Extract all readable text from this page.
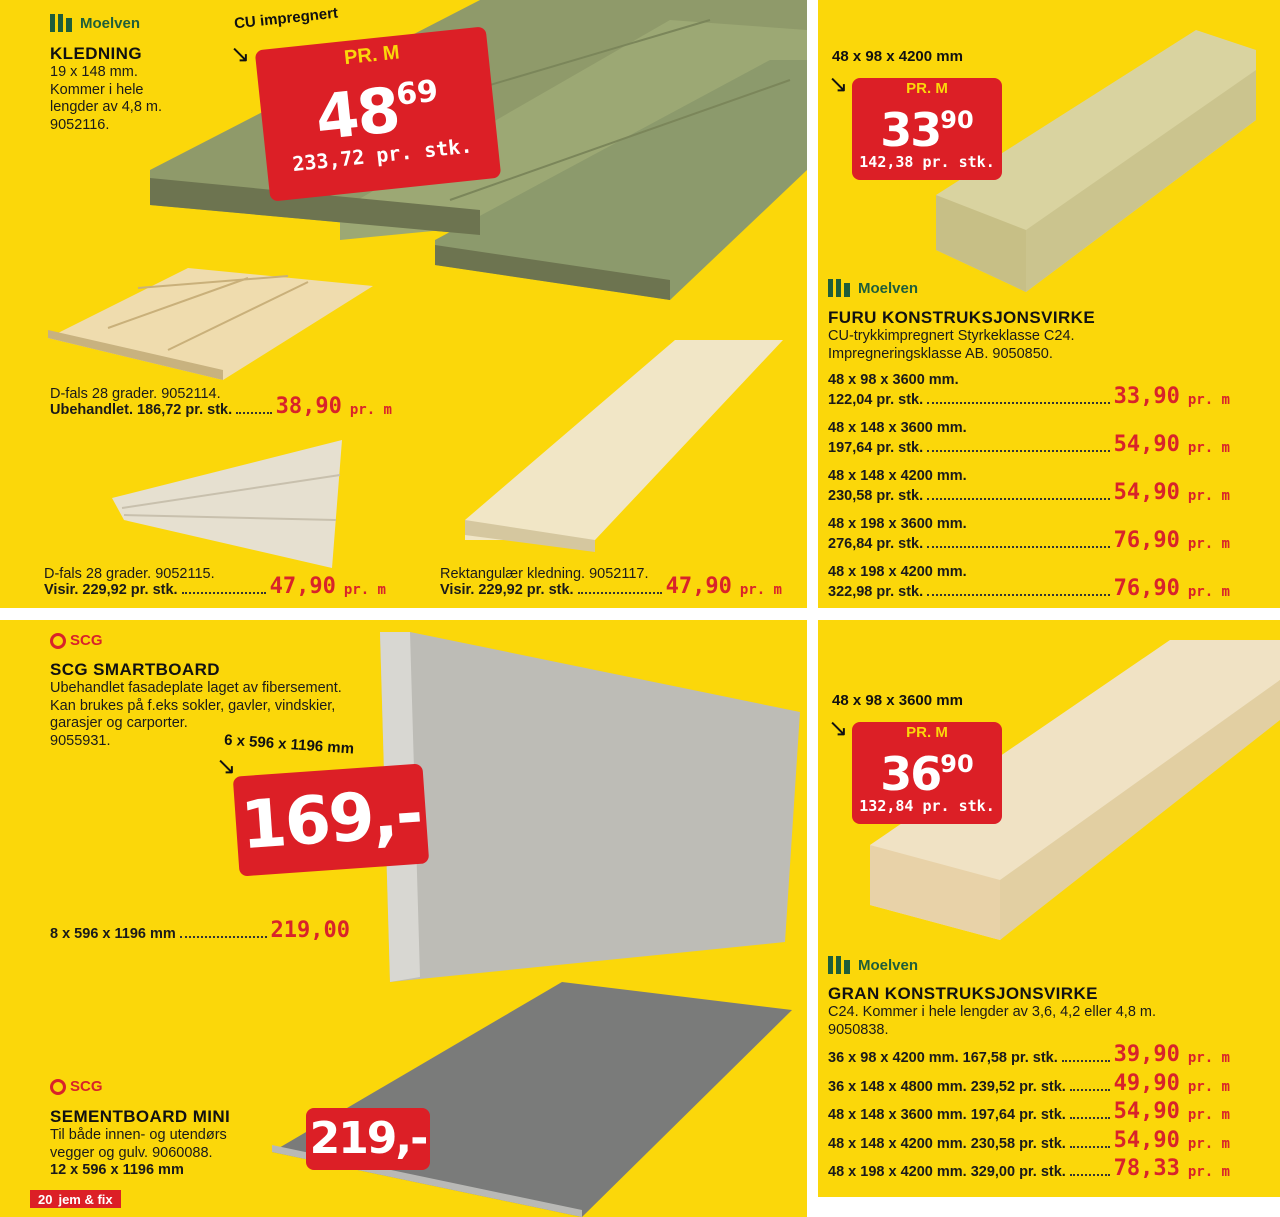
Moelven
KLEDNING
19 x 148 mm.
Kommer i hele
lengder av 4,8 m.
9052116.
CU impregnert
↘	PR. M
$48^{69}$
233,72 pr. stk.
D-fals 28 grader. 9052114.
Ubehandlet. 186,72 pr. stk. 38,90 pr. m
D-fals 28 grader. 9052115.
Visir. 229,92 pr. stk.	47,90 pr. m
Rektangulær kledning. 9052117.
Visir. 229,92 pr. stk.	47,90 pr. m
48 x 98 x 4200 mm
↘	PR. M
$33^{90}$
142,38 pr. stk.
Moelven
FURU KONSTRUKSJONSVIRKE
CU-trykkimpregnert Styrkeklasse C24.
Impregneringsklasse AB. 9050850.
48 x 98 x 3600 mm.
122,04 pr. stk.	33,90 pr. m
48 x 148 x 3600 mm.
197,64 pr. stk.	54,90 pr. m
48 x 148 x 4200 mm.
230,58 pr. stk.	54,90 pr. m
48 x 198 x 3600 mm.
276,84 pr. stk.	76,90 pr. m
48 x 198 x 4200 mm.
322,98 pr. stk.	76,90 pr. m
SCG
SCG SMARTBOARD
Ubehandlet fasadeplate laget av fibersement.
Kan brukes på f.eks sokler, gavler, vindskier,
garasjer og carporter.
9055931.	6 x 596 x 1196 mm
↘
169,-
8 x 596 x 1196 mm	219,00
SCG
SEMENTBOARD MINI
Til både innen- og utendørs
vegger og gulv. 9060088.
12 x 596 x 1196 mm
219,-
20 jem & fix
48 x 98 x 3600 mm
↘	PR. M
$36^{90}$
132,84 pr. stk.
Moelven
GRAN KONSTRUKSJONSVIRKE
C24. Kommer i hele lengder av 3,6, 4,2 eller 4,8 m.
9050838.
36 x 98 x 4200 mm. 167,58 pr. stk.	39,90 pr. m
36 x 148 x 4800 mm. 239,52 pr. stk. 49,90 pr. m
48 x 148 x 3600 mm. 197,64 pr. stk. 54,90 pr. m
48 x 148 x 4200 mm. 230,58 pr. stk. 54,90 pr. m
48 x 198 x 4200 mm. 329,00 pr. stk. 78,33 pr. m
